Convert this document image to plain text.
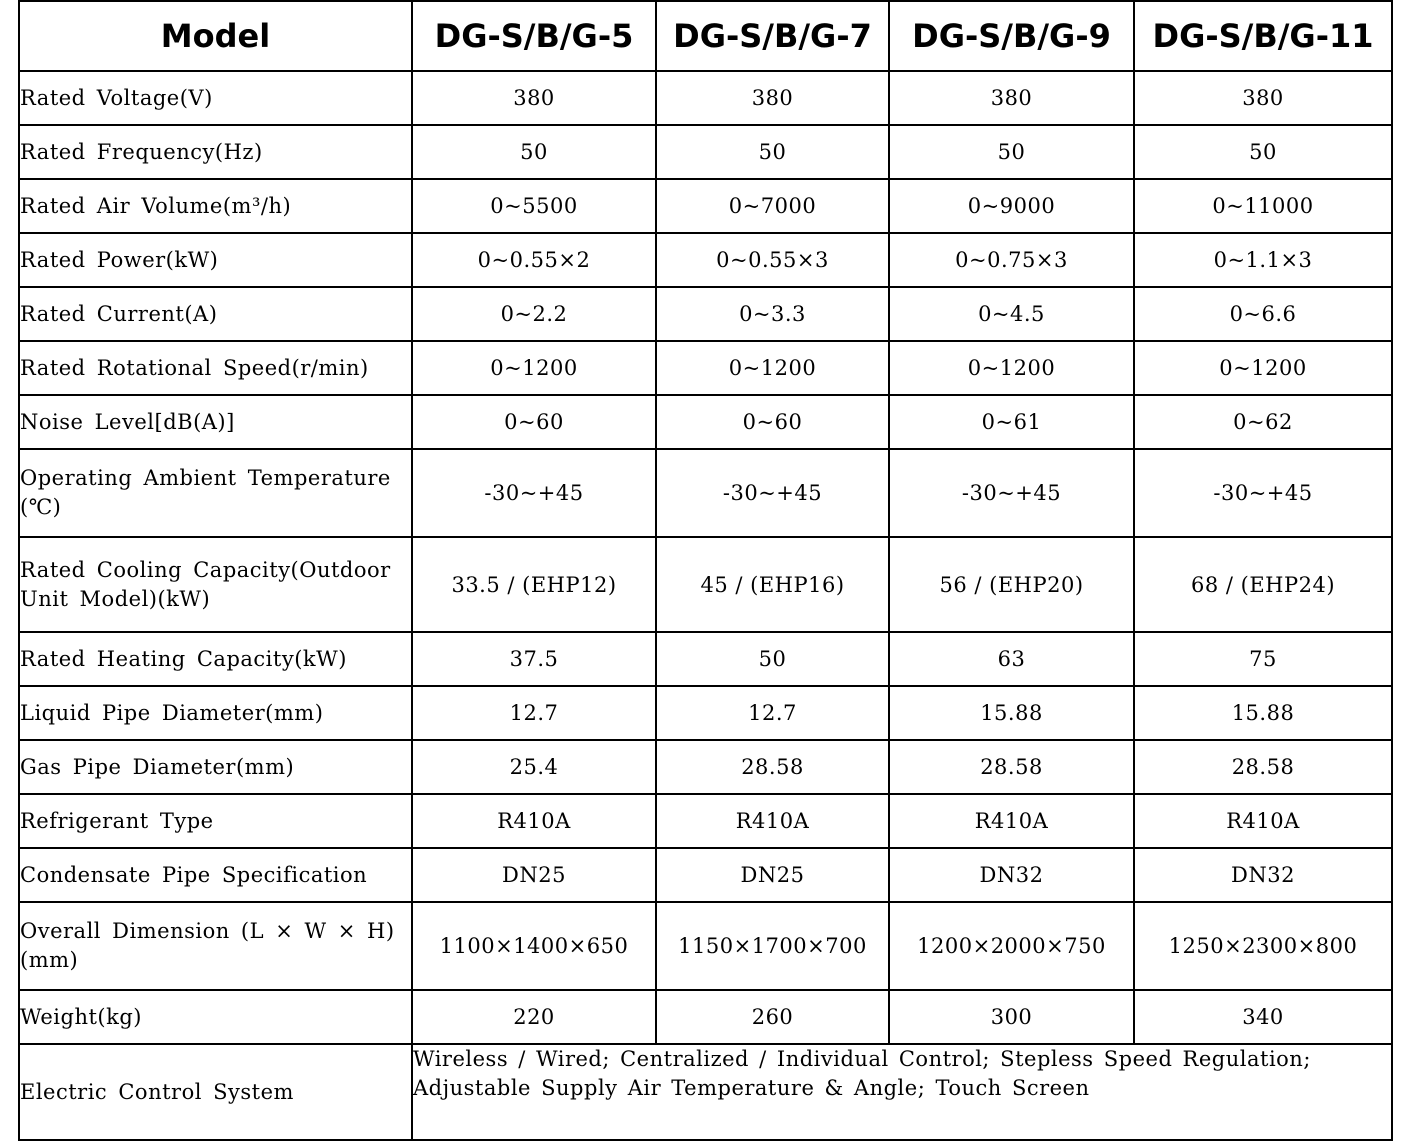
Model	DG-S/B/G-5	DG-S/B/G-7	DG-S/B/G-9	DG-S/B/G-11
Rated Voltage(V)	380	380	380	380
Rated Frequency(Hz)	50	50	50	50
Rated Air Volume(m³/h)	0~5500	0~7000	0~9000	0~11000
Rated Power(kW)	0~0.55×2	0~0.55×3	0~0.75×3	0~1.1×3
Rated Current(A)	0~2.2	0~3.3	0~4.5	0~6.6
Rated Rotational Speed(r/min)	0~1200	0~1200	0~1200	0~1200
Noise Level[dB(A)]	0~60	0~60	0~61	0~62
Operating Ambient Temperature (℃)	-30~+45	-30~+45	-30~+45	-30~+45
Rated Cooling Capacity(Outdoor Unit Model)(kW)	33.5 / (EHP12)	45 / (EHP16)	56 / (EHP20)	68 / (EHP24)
Rated Heating Capacity(kW)	37.5	50	63	75
Liquid Pipe Diameter(mm)	12.7	12.7	15.88	15.88
Gas Pipe Diameter(mm)	25.4	28.58	28.58	28.58
Refrigerant Type	R410A	R410A	R410A	R410A
Condensate Pipe Specification	DN25	DN25	DN32	DN32
Overall Dimension (L × W × H)(mm)	1100×1400×650	1150×1700×700	1200×2000×750	1250×2300×800
Weight(kg)	220	260	300	340
Electric Control System	Wireless / Wired; Centralized / Individual Control; Stepless Speed Regulation; Adjustable Supply Air Temperature & Angle; Touch Screen			
